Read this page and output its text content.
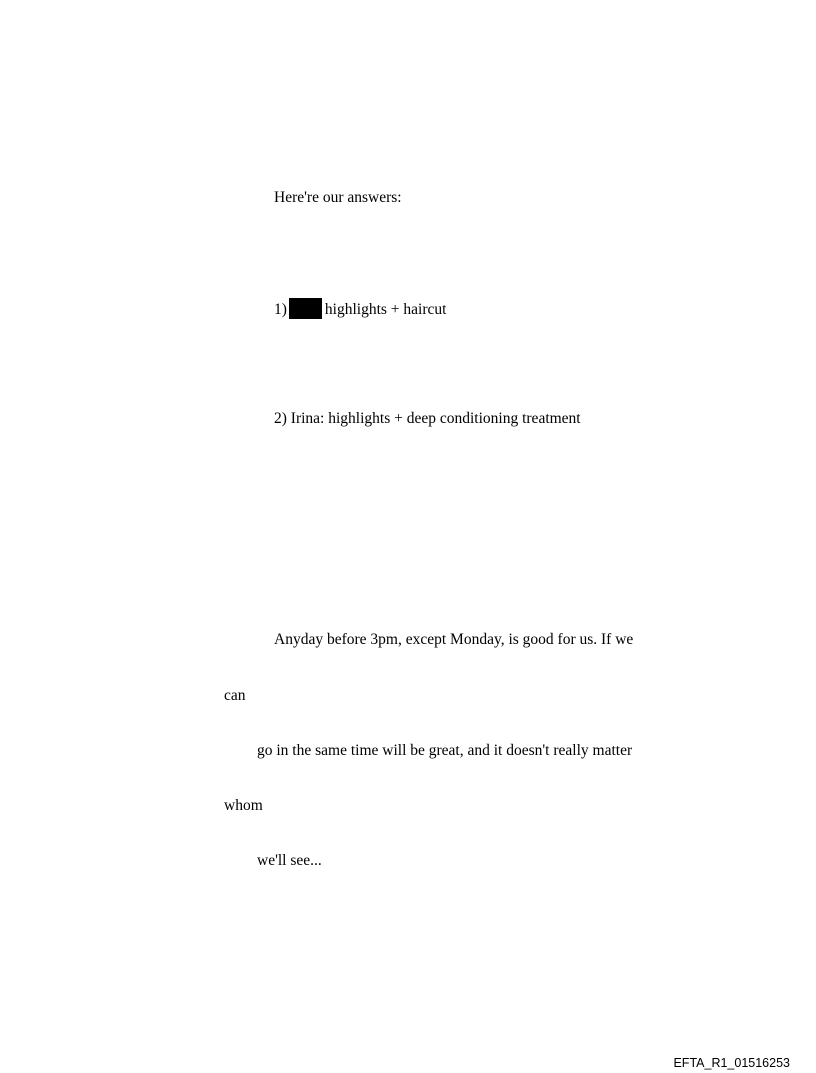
Here're our answers:
1) highlights + haircut
2) Irina: highlights + deep conditioning treatment
Anyday before 3pm, except Monday, is good for us. If we
can
go in the same time will be great, and it doesn't really matter
whom
we'll see...
EFTA_R1_01516253
